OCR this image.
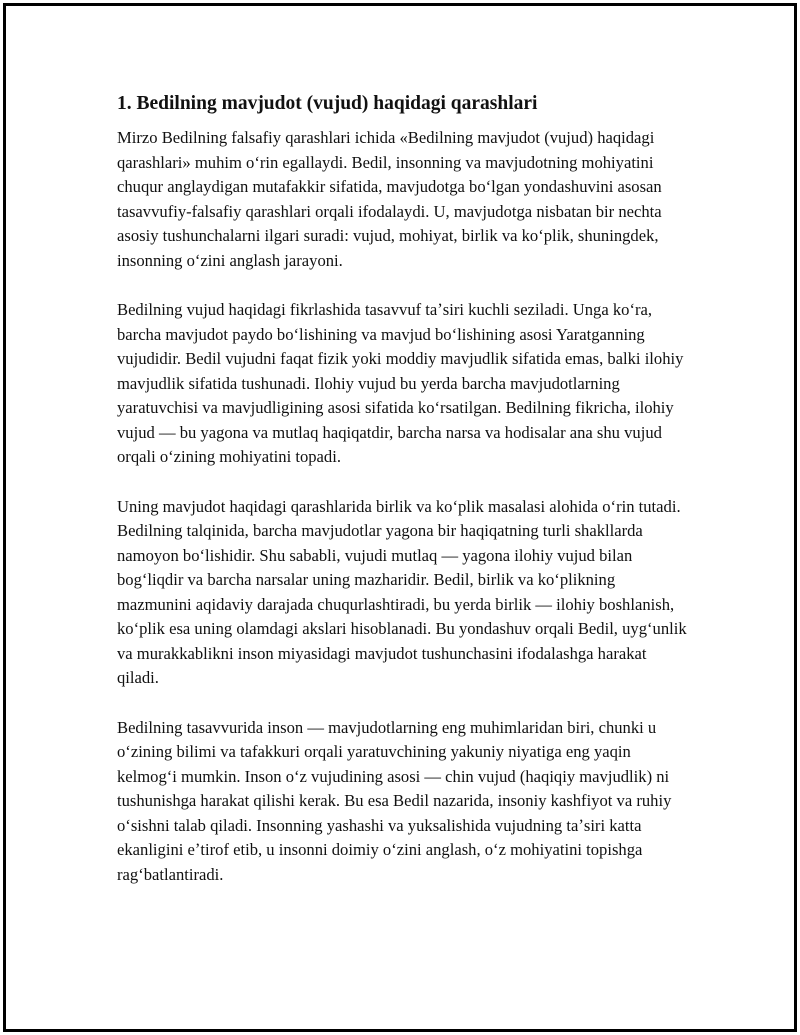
1. Bedilning mavjudot (vujud) haqidagi qarashlari

Mirzo Bedilning falsafiy qarashlari ichida «Bedilning mavjudot (vujud) haqidagi qarashlari» muhim oʻrin egallaydi. Bedil, insonning va mavjudotning mohiyatini chuqur anglaydigan mutafakkir sifatida, mavjudotga boʻlgan yondashuvini asosan tasavvufiy-falsafiy qarashlari orqali ifodalaydi. U, mavjudotga nisbatan bir nechta asosiy tushunchalarni ilgari suradi: vujud, mohiyat, birlik va koʻplik, shuningdek, insonning oʻzini anglash jarayoni.

Bedilning vujud haqidagi fikrlashida tasavvuf taʼsiri kuchli seziladi. Unga koʻra, barcha mavjudot paydo boʻlishining va mavjud boʻlishining asosi Yaratganning vujudidir. Bedil vujudni faqat fizik yoki moddiy mavjudlik sifatida emas, balki ilohiy mavjudlik sifatida tushunadi. Ilohiy vujud bu yerda barcha mavjudotlarning yaratuvchisi va mavjudligining asosi sifatida koʻrsatilgan. Bedilning fikricha, ilohiy vujud — bu yagona va mutlaq haqiqatdir, barcha narsa va hodisalar ana shu vujud orqali oʻzining mohiyatini topadi.

Uning mavjudot haqidagi qarashlarida birlik va koʻplik masalasi alohida oʻrin tutadi. Bedilning talqinida, barcha mavjudotlar yagona bir haqiqatning turli shakllarda namoyon boʻlishidir. Shu sababli, vujudi mutlaq — yagona ilohiy vujud bilan bogʻliqdir va barcha narsalar uning mazharidir. Bedil, birlik va koʻplikning mazmunini aqidaviy darajada chuqurlashtiradi, bu yerda birlik — ilohiy boshlanish, koʻplik esa uning olamdagi akslari hisoblanadi. Bu yondashuv orqali Bedil, uygʻunlik va murakkablikni inson miyasidagi mavjudot tushunchasini ifodalashga harakat qiladi.

Bedilning tasavvurida inson — mavjudotlarning eng muhimlaridan biri, chunki u oʻzining bilimi va tafakkuri orqali yaratuvchining yakuniy niyatiga eng yaqin kelmogʻi mumkin. Inson oʻz vujudining asosi — chin vujud (haqiqiy mavjudlik) ni tushunishga harakat qilishi kerak. Bu esa Bedil nazarida, insoniy kashfiyot va ruhiy oʻsishni talab qiladi. Insonning yashashi va yuksalishida vujudning taʼsiri katta ekanligini eʼtirof etib, u insonni doimiy oʻzini anglash, oʻz mohiyatini topishga ragʻbatlantiradi.
